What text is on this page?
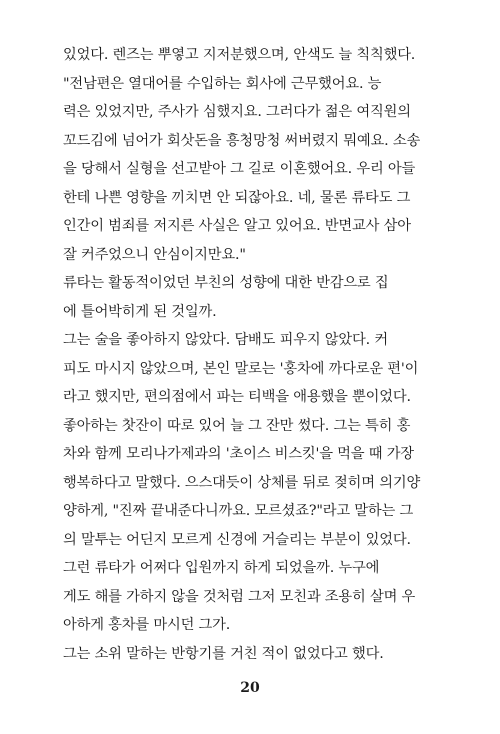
있었다. 렌즈는 뿌옇고 지저분했으며, 안색도 늘 칙칙했다.
"전남편은 열대어를 수입하는 회사에 근무했어요. 능
력은 있었지만, 주사가 심했지요. 그러다가 젊은 여직원의
꼬드김에 넘어가 회삿돈을 흥청망청 써버렸지 뭐예요. 소송
을 당해서 실형을 선고받아 그 길로 이혼했어요. 우리 아들
한테 나쁜 영향을 끼치면 안 되잖아요. 네, 물론 류타도 그
인간이 범죄를 저지른 사실은 알고 있어요. 반면교사 삼아
잘 커주었으니 안심이지만요."
류타는 활동적이었던 부친의 성향에 대한 반감으로 집
에 틀어박히게 된 것일까.
그는 술을 좋아하지 않았다. 담배도 피우지 않았다. 커
피도 마시지 않았으며, 본인 말로는 '홍차에 까다로운 편'이
라고 했지만, 편의점에서 파는 티백을 애용했을 뿐이었다.
좋아하는 찻잔이 따로 있어 늘 그 잔만 썼다. 그는 특히 홍
차와 함께 모리나가제과의 '초이스 비스킷'을 먹을 때 가장
행복하다고 말했다. 으스대듯이 상체를 뒤로 젖히며 의기양
양하게, "진짜 끝내준다니까요. 모르셨죠?"라고 말하는 그
의 말투는 어딘지 모르게 신경에 거슬리는 부분이 있었다.
그런 류타가 어쩌다 입원까지 하게 되었을까. 누구에
게도 해를 가하지 않을 것처럼 그저 모친과 조용히 살며 우
아하게 홍차를 마시던 그가.
그는 소위 말하는 반항기를 거친 적이 없었다고 했다.
20
